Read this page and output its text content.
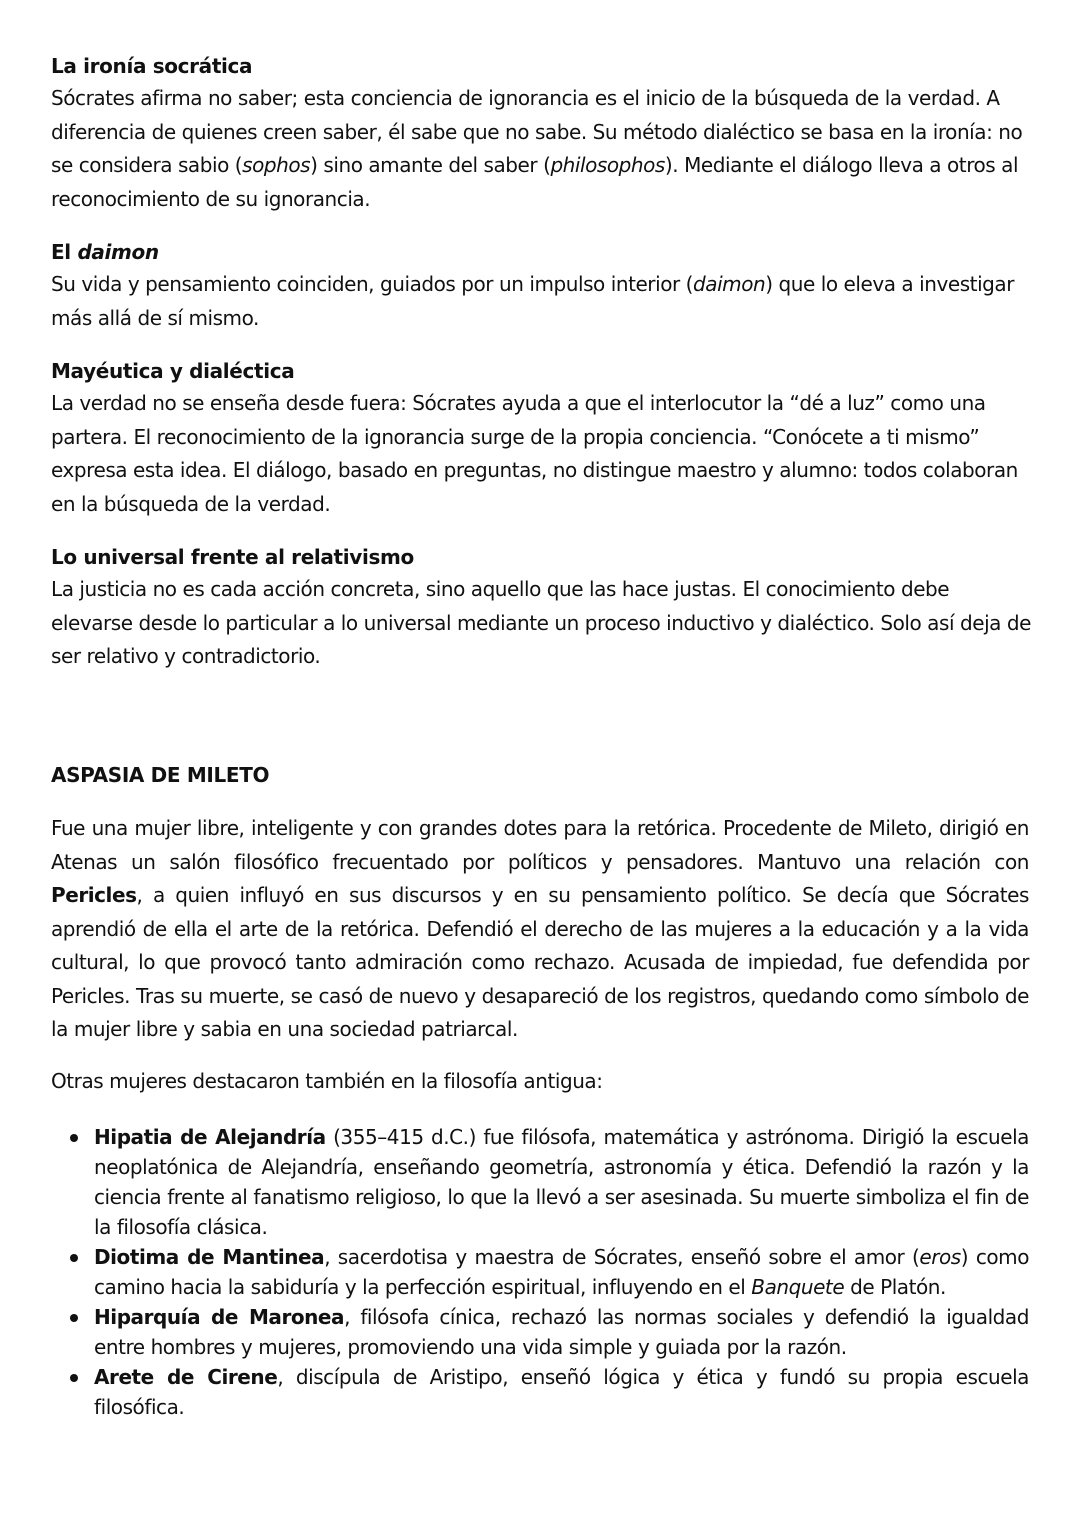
La ironía socrática

Sócrates afirma no saber; esta conciencia de ignorancia es el inicio de la búsqueda de la verdad. A diferencia de quienes creen saber, él sabe que no sabe. Su método dialéctico se basa en la ironía: no se considera sabio (sophos) sino amante del saber (philosophos). Mediante el diálogo lleva a otros al reconocimiento de su ignorancia.

El daimon

Su vida y pensamiento coinciden, guiados por un impulso interior (daimon) que lo eleva a investigar más allá de sí mismo.

Mayéutica y dialéctica

La verdad no se enseña desde fuera: Sócrates ayuda a que el interlocutor la “dé a luz” como una partera. El reconocimiento de la ignorancia surge de la propia conciencia. “Conócete a ti mismo” expresa esta idea. El diálogo, basado en preguntas, no distingue maestro y alumno: todos colaboran en la búsqueda de la verdad.

Lo universal frente al relativismo

La justicia no es cada acción concreta, sino aquello que las hace justas. El conocimiento debe elevarse desde lo particular a lo universal mediante un proceso inductivo y dialéctico. Solo así deja de ser relativo y contradictorio.

ASPASIA DE MILETO

Fue una mujer libre, inteligente y con grandes dotes para la retórica. Procedente de Mileto, dirigió en Atenas un salón filosófico frecuentado por políticos y pensadores. Mantuvo una relación con Pericles, a quien influyó en sus discursos y en su pensamiento político. Se decía que Sócrates aprendió de ella el arte de la retórica. Defendió el derecho de las mujeres a la educación y a la vida cultural, lo que provocó tanto admiración como rechazo. Acusada de impiedad, fue defendida por Pericles. Tras su muerte, se casó de nuevo y desapareció de los registros, quedando como símbolo de la mujer libre y sabia en una sociedad patriarcal.

Otras mujeres destacaron también en la filosofía antigua:

Hipatia de Alejandría (355–415 d.C.) fue filósofa, matemática y astrónoma. Dirigió la escuela neoplatónica de Alejandría, enseñando geometría, astronomía y ética. Defendió la razón y la ciencia frente al fanatismo religioso, lo que la llevó a ser asesinada. Su muerte simboliza el fin de la filosofía clásica.
Diotima de Mantinea, sacerdotisa y maestra de Sócrates, enseñó sobre el amor (eros) como camino hacia la sabiduría y la perfección espiritual, influyendo en el Banquete de Platón.
Hiparquía de Maronea, filósofa cínica, rechazó las normas sociales y defendió la igualdad entre hombres y mujeres, promoviendo una vida simple y guiada por la razón.
Arete de Cirene, discípula de Aristipo, enseñó lógica y ética y fundó su propia escuela filosófica.
